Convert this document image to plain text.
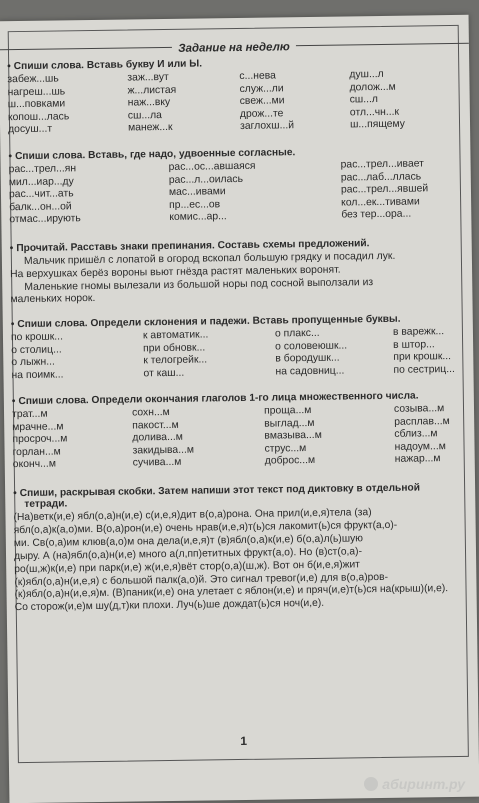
Задание на неделю
• Спиши слова. Вставь букву И или Ы.
забеж...шь
нагреш...шь
ш...повками
копош...лась
досуш...т
заж...вут
ж...листая
наж...вку
сш...ла
манеж...к
с...нева
служ...ли
свеж...ми
дрож...те
заглохш...й
душ...л
долож...м
сш...л
отл...чн...к
ш...пящему
• Спиши слова. Вставь, где надо, удвоенные согласные.
рас...трел...ян
мил...иар...ду
рас...чит...ать
балк...он...ой
отмас...ирують
рас...ос...авшаяся
рас...л...оилась
мас...ивами
пр...ес...ов
комис...ар...
рас...трел...ивает
рас...лаб...ллась
рас...трел...явшей
кол...ек...тивами
без тер...ора...
• Прочитай. Расставь знаки препинания. Составь схемы предложений.

Мальчик пришёл с лопатой в огород вскопал большую грядку и посадил лук.

На верхушках берёз вороны вьют гнёзда растят маленьких воронят.

Маленькие гномы вылезали из большой норы под сосной выползали из

маленьких норок.

• Спиши слова. Определи склонения и падежи. Вставь пропущенные буквы.
по крошк...
о столиц...
о лыжн...
на поимк...
к автоматик...
при обновк...
к телогрейк...
от каш...
о плакс...
о соловеюшк...
в бородушк...
на садовниц...
в варежк...
в штор...
при крошк...
по сестриц...
• Спиши слова. Определи окончания глаголов 1-го лица множественного числа.
трат...м
мрачне...м
просроч...м
горлан...м
оконч...м
сохн...м
пакост...м
долива...м
закидыва...м
сучива...м
проща...м
выглад...м
вмазыва...м
струс...м
доброс...м
созыва...м
расплав...м
сблиз...м
надоум...м
нажар...м
• Спиши, раскрывая скобки. Затем напиши этот текст под диктовку в отдельной
тетради.
(На)ветк(и,е) ябл(о,а)н(и,е) с(и,е,я)дит в(о,а)рона. Она прил(и,е,я)тела (за)
ябл(о,а)к(а,о)ми. В(о,а)рон(и,е) очень нрав(и,е,я)т(ь)ся лакомит(ь)ся фрукт(а,о)-
ми. Св(о,а)им клюв(а,о)м она дела(и,е,я)т (в)ябл(о,а)к(и,е) б(о,а)л(ь)шую
дыру. А (на)ябл(о,а)н(и,е) много а(л,пп)етитных фрукт(а,о). Но (в)ст(о,а)-
ро(ш,ж)к(и,е) при парк(и,е) ж(и,е,я)вёт стор(о,а)(ш,ж). Вот он б(и,е,я)жит
(к)ябл(о,а)н(и,е,я) с большой палк(а,о)й. Это сигнал тревог(и,е) для в(о,а)ров-
(к)ябл(о,а)н(и,е,я)м. (В)паник(и,е) она улетает с яблон(и,е) и пряч(и,е)т(ь)ся на(крыш)(и,е).
Со сторож(и,е)м шу(д,т)ки плохи. Луч(ь)ше дождат(ь)ся ноч(и,е).
1
абиринт.ру
